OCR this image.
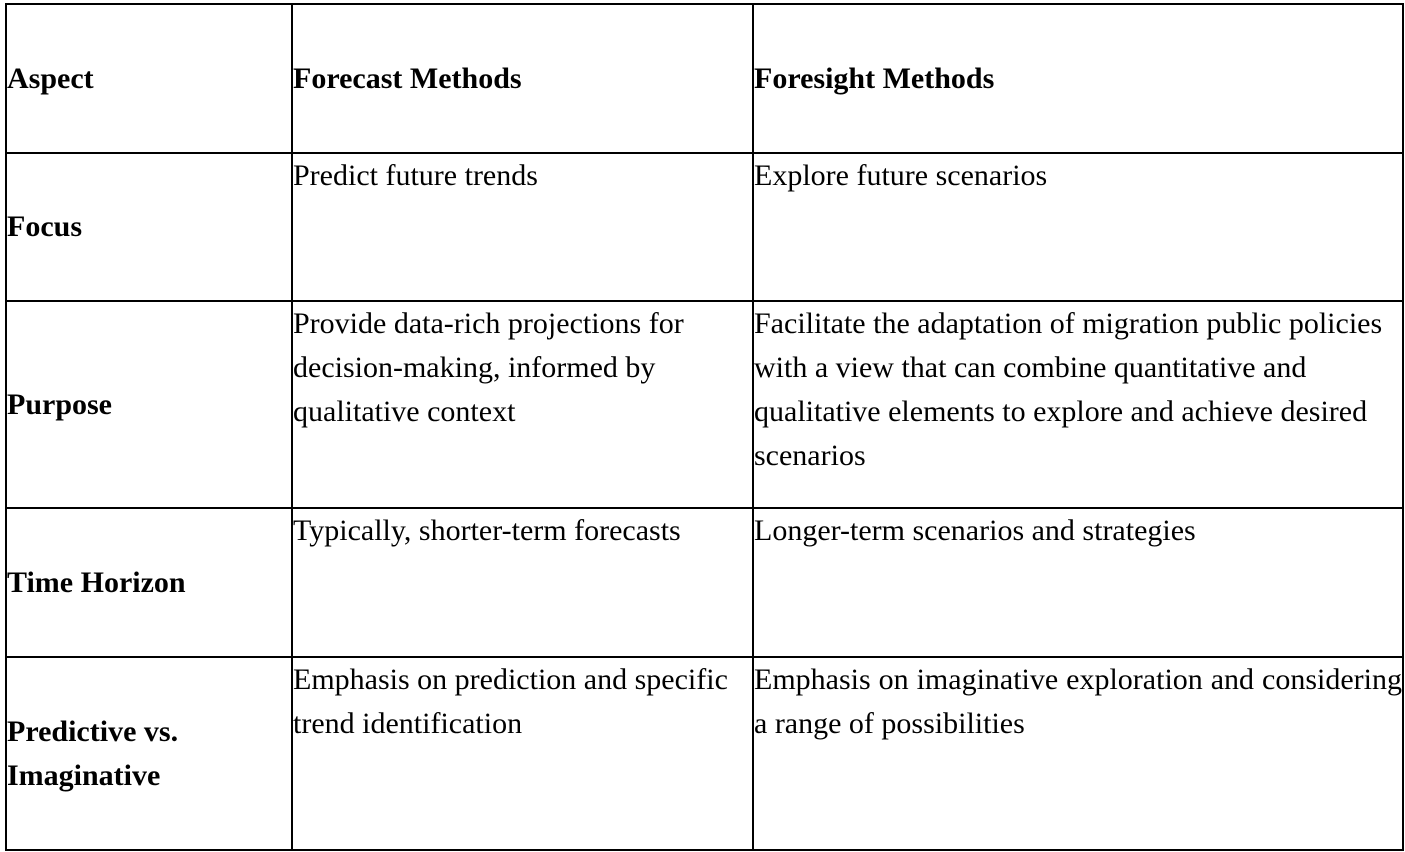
Aspect	Forecast Methods	Foresight Methods
Focus	Predict future trends	Explore future scenarios
Purpose	Provide data-rich projections for decision-making, informed by qualitative context	Facilitate the adaptation of migration public policies with a view that can combine quantitative and qualitative elements to explore and achieve desired scenarios
Time Horizon	Typically, shorter-term forecasts	Longer-term scenarios and strategies
Predictive vs. Imaginative	Emphasis on prediction and specific trend identification	Emphasis on imaginative exploration and considering a range of possibilities
